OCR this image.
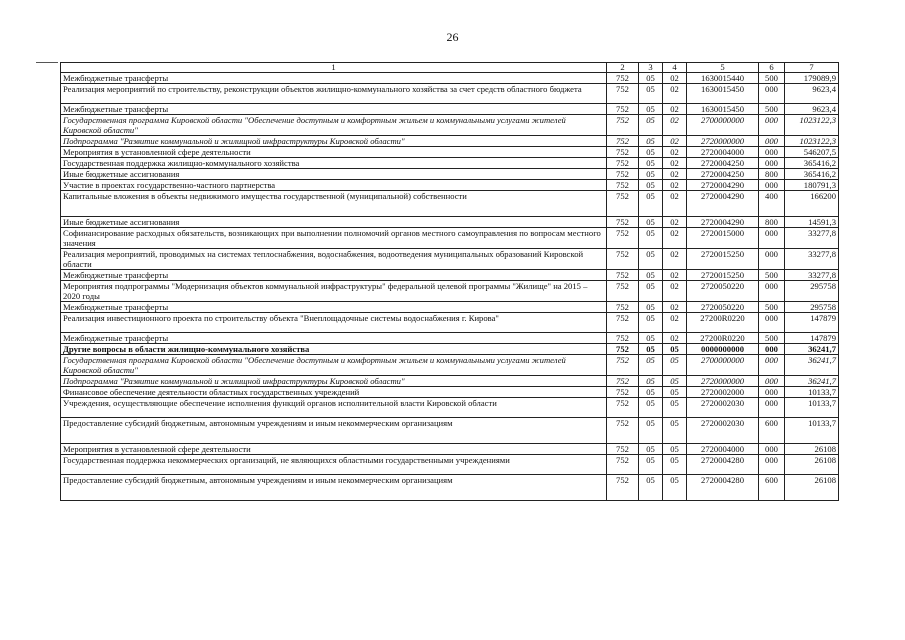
26
1	2	3	4	5	6	7
Межбюджетные трансферты	752	05	02	1630015440	500	179089,9
Реализация мероприятий по строительству, реконструкции объектов жилищно-коммунального хозяйства за счет средств областного бюджета	752	05	02	1630015450	000	9623,4
Межбюджетные трансферты	752	05	02	1630015450	500	9623,4
Государственная программа Кировской области "Обеспечение доступным и комфортным жильем и коммунальными услугами жителей Кировской области"	752	05	02	2700000000	000	1023122,3
Подпрограмма "Развитие коммунальной и жилищной инфраструктуры Кировской области"	752	05	02	2720000000	000	1023122,3
Мероприятия в установленной сфере деятельности	752	05	02	2720004000	000	546207,5
Государственная поддержка жилищно-коммунального хозяйства	752	05	02	2720004250	000	365416,2
Иные бюджетные ассигнования	752	05	02	2720004250	800	365416,2
Участие в проектах государственно-частного партнерства	752	05	02	2720004290	000	180791,3
Капитальные вложения в объекты недвижимого имущества государственной (муниципальной) собственности	752	05	02	2720004290	400	166200
Иные бюджетные ассигнования	752	05	02	2720004290	800	14591,3
Софинансирование расходных обязательств, возникающих при выполнении полномочий органов местного самоуправления по вопросам местного значения	752	05	02	2720015000	000	33277,8
Реализация мероприятий, проводимых на системах теплоснабжения, водоснабжения, водоотведения муниципальных образований Кировской области	752	05	02	2720015250	000	33277,8
Межбюджетные трансферты	752	05	02	2720015250	500	33277,8
Мероприятия подпрограммы "Модернизация объектов коммунальной инфраструктуры" федеральной целевой программы "Жилище" на 2015 – 2020 годы	752	05	02	2720050220	000	295758
Межбюджетные трансферты	752	05	02	2720050220	500	295758
Реализация инвестиционного проекта по строительству объекта "Внеплощадочные системы водоснабжения г. Кирова"	752	05	02	27200R0220	000	147879
Межбюджетные трансферты	752	05	02	27200R0220	500	147879
Другие вопросы в области жилищно-коммунального хозяйства	752	05	05	0000000000	000	36241,7
Государственная программа Кировской области "Обеспечение доступным и комфортным жильем и коммунальными услугами жителей Кировской области"	752	05	05	2700000000	000	36241,7
Подпрограмма "Развитие коммунальной и жилищной инфраструктуры Кировской области"	752	05	05	2720000000	000	36241,7
Финансовое обеспечение деятельности областных государственных учреждений	752	05	05	2720002000	000	10133,7
Учреждения, осуществляющие обеспечение исполнения функций органов исполнительной власти Кировской области	752	05	05	2720002030	000	10133,7
Предоставление субсидий бюджетным, автономным учреждениям и иным некоммерческим организациям	752	05	05	2720002030	600	10133,7
Мероприятия в установленной сфере деятельности	752	05	05	2720004000	000	26108
Государственная поддержка некоммерческих организаций, не являющихся областными государственными учреждениями	752	05	05	2720004280	000	26108
Предоставление субсидий бюджетным, автономным учреждениям и иным некоммерческим организациям	752	05	05	2720004280	600	26108
